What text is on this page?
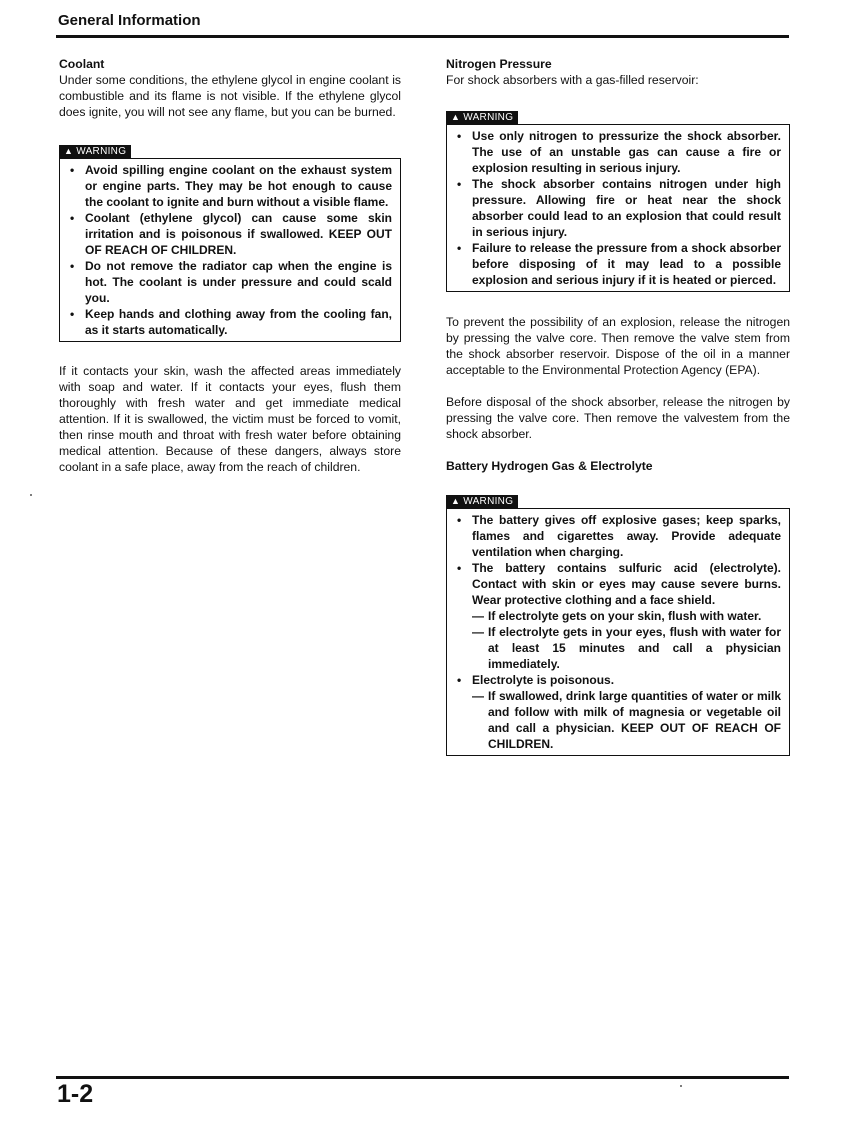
General Information

Coolant

Under some conditions, the ethylene glycol in engine coolant is combustible and its flame is not visible. If the ethylene glycol does ignite, you will not see any flame, but you can be burned.

▲ WARNING
• Avoid spilling engine coolant on the exhaust system or engine parts. They may be hot enough to cause the coolant to ignite and burn without a visible flame.
• Coolant (ethylene glycol) can cause some skin irritation and is poisonous if swallowed. KEEP OUT OF REACH OF CHILDREN.
• Do not remove the radiator cap when the engine is hot. The coolant is under pressure and could scald you.
• Keep hands and clothing away from the cooling fan, as it starts automatically.

If it contacts your skin, wash the affected areas immediately with soap and water. If it contacts your eyes, flush them thoroughly with fresh water and get immediate medical attention. If it is swallowed, the victim must be forced to vomit, then rinse mouth and throat with fresh water before obtaining medical attention. Because of these dangers, always store coolant in a safe place, away from the reach of children.

Nitrogen Pressure

For shock absorbers with a gas-filled reservoir:

▲ WARNING
• Use only nitrogen to pressurize the shock absorber. The use of an unstable gas can cause a fire or explosion resulting in serious injury.
• The shock absorber contains nitrogen under high pressure. Allowing fire or heat near the shock absorber could lead to an explosion that could result in serious injury.
• Failure to release the pressure from a shock absorber before disposing of it may lead to a possible explosion and serious injury if it is heated or pierced.

To prevent the possibility of an explosion, release the nitrogen by pressing the valve core. Then remove the valve stem from the shock absorber reservoir. Dispose of the oil in a manner acceptable to the Environmental Protection Agency (EPA).

Before disposal of the shock absorber, release the nitrogen by pressing the valve core. Then remove the valvestem from the shock absorber.

Battery Hydrogen Gas & Electrolyte

▲ WARNING
• The battery gives off explosive gases; keep sparks, flames and cigarettes away. Provide adequate ventilation when charging.
• The battery contains sulfuric acid (electrolyte). Contact with skin or eyes may cause severe burns. Wear protective clothing and a face shield.
— If electrolyte gets on your skin, flush with water.
— If electrolyte gets in your eyes, flush with water for at least 15 minutes and call a physician immediately.
• Electrolyte is poisonous.
— If swallowed, drink large quantities of water or milk and follow with milk of magnesia or vegetable oil and call a physician. KEEP OUT OF REACH OF CHILDREN.
1-2
